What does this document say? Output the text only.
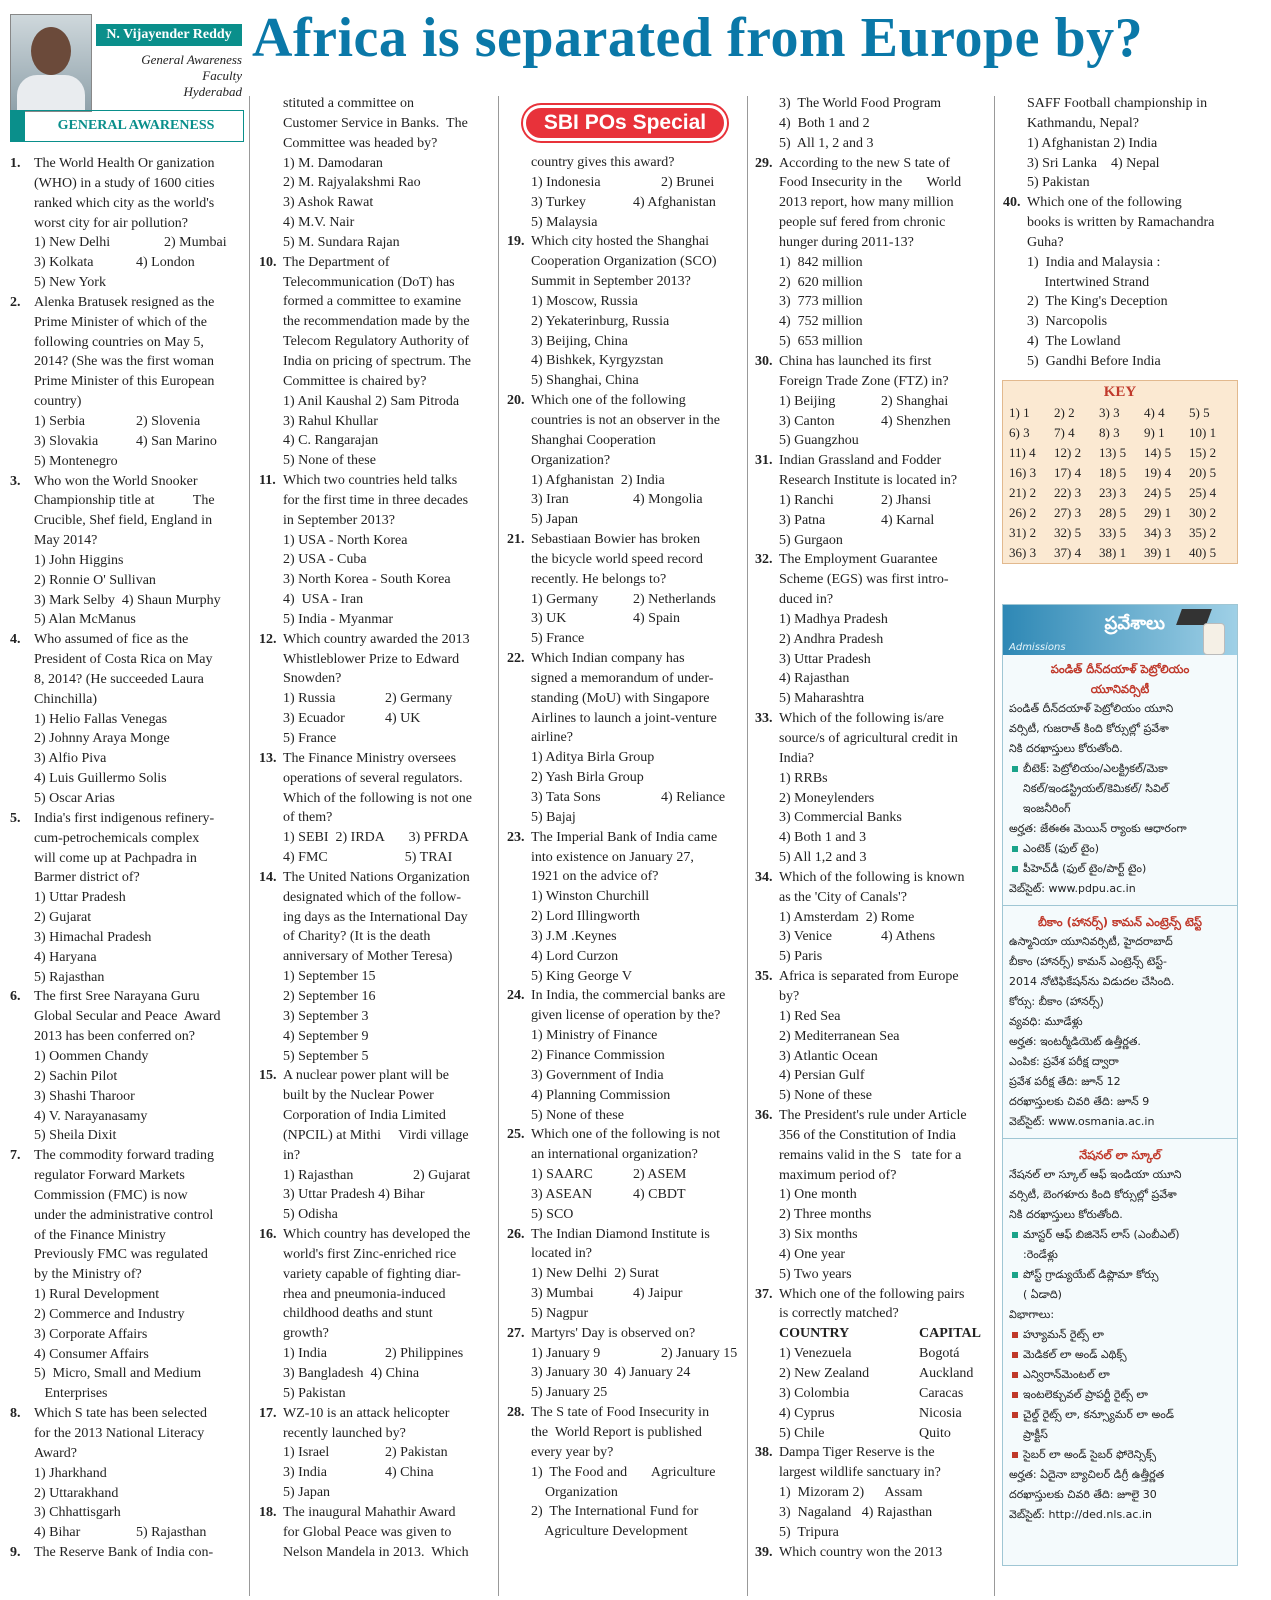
N. Vijayender Reddy
General Awareness
Faculty
Hyderabad
Africa is separated from Europe by?
GENERAL AWARENESS
1. The World Health Or ganization
(WHO) in a study of 1600 cities
ranked which city as the world's
worst city for air pollution?
1) New Delhi	2) Mumbai
3) Kolkata	4) London
5) New York
2. Alenka Bratusek resigned as the
Prime Minister of which of the
following countries on May 5,
2014? (She was the first woman
Prime Minister of this European
country)
1) Serbia	2) Slovenia
3) Slovakia	4) San Marino
5) Montenegro
3. Who won the World Snooker
Championship title at           The
Crucible, Shef field, England in
May 2014?
1) John Higgins
2) Ronnie O' Sullivan
3) Mark Selby  4) Shaun Murphy
5) Alan McManus
4. Who assumed of fice as the
President of Costa Rica on May
8, 2014? (He succeeded Laura
Chinchilla)
1) Helio Fallas Venegas
2) Johnny Araya Monge
3) Alfio Piva
4) Luis Guillermo Solis
5) Oscar Arias
5. India's first indigenous refinery-
cum-petrochemicals complex
will come up at Pachpadra in
Barmer district of?
1) Uttar Pradesh
2) Gujarat
3) Himachal Pradesh
4) Haryana
5) Rajasthan
6. The first Sree Narayana Guru
Global Secular and Peace  Award
2013 has been conferred on?
1) Oommen Chandy
2) Sachin Pilot
3) Shashi Tharoor
4) V. Narayanasamy
5) Sheila Dixit
7. The commodity forward trading
regulator Forward Markets
Commission (FMC) is now
under the administrative control
of the Finance Ministry
Previously FMC was regulated
by the Ministry of?
1) Rural Development
2) Commerce and Industry
3) Corporate Affairs
4) Consumer Affairs
5)  Micro, Small and Medium
Enterprises
8. Which S tate has been selected
for the 2013 National Literacy
Award?
1) Jharkhand
2) Uttarakhand
3) Chhattisgarh
4) Bihar	5) Rajasthan
9. The Reserve Bank of India con-
stituted a committee on
Customer Service in Banks.  The
Committee was headed by?
1) M. Damodaran
2) M. Rajyalakshmi Rao
3) Ashok Rawat
4) M.V. Nair
5) M. Sundara Rajan
10. The Department of
Telecommunication (DoT) has
formed a committee to examine
the recommendation made by the
Telecom Regulatory Authority of
India on pricing of spectrum. The
Committee is chaired by?
1) Anil Kaushal 2) Sam Pitroda
3) Rahul Khullar
4) C. Rangarajan
5) None of these
11. Which two countries held talks
for the first time in three decades
in September 2013?
1) USA - North Korea
2) USA - Cuba
3) North Korea - South Korea
4)  USA - Iran
5) India - Myanmar
12. Which country awarded the 2013
Whistleblower Prize to Edward
Snowden?
1) Russia	2) Germany
3) Ecuador	4) UK
5) France
13. The Finance Ministry oversees
operations of several regulators.
Which of the following is not one
of them?
1) SEBI  2) IRDA       3) PFRDA
4) FMC                      5) TRAI
14. The United Nations Organization
designated which of the follow-
ing days as the International Day
of Charity? (It is the death
anniversary of Mother Teresa)
1) September 15
2) September 16
3) September 3
4) September 9
5) September 5
15. A nuclear power plant will be
built by the Nuclear Power
Corporation of India Limited
(NPCIL) at Mithi     Virdi village
in?
1) Rajasthan	2) Gujarat
3) Uttar Pradesh 4) Bihar
5) Odisha
16. Which country has developed the
world's first Zinc-enriched rice
variety capable of fighting diar-
rhea and pneumonia-induced
childhood deaths and stunt
growth?
1) India	2) Philippines
3) Bangladesh  4) China
5) Pakistan
17. WZ-10 is an attack helicopter
recently launched by?
1) Israel	2) Pakistan
3) India	4) China
5) Japan
18. The inaugural Mahathir Award
for Global Peace was given to
Nelson Mandela in 2013.  Which
SBI POs Special
country gives this award?
1) Indonesia	2) Brunei
3) Turkey	4) Afghanistan
5) Malaysia
19. Which city hosted the Shanghai
Cooperation Organization (SCO)
Summit in September 2013?
1) Moscow, Russia
2) Yekaterinburg, Russia
3) Beijing, China
4) Bishkek, Kyrgyzstan
5) Shanghai, China
20. Which one of the following
countries is not an observer in the
Shanghai Cooperation
Organization?
1) Afghanistan  2) India
3) Iran	4) Mongolia
5) Japan
21. Sebastiaan Bowier has broken
the bicycle world speed record
recently. He belongs to?
1) Germany 2) Netherlands
3) UK	4) Spain
5) France
22. Which Indian company has
signed a memorandum of under-
standing (MoU) with Singapore
Airlines to launch a joint-venture
airline?
1) Aditya Birla Group
2) Yash Birla Group
3) Tata Sons	4) Reliance
5) Bajaj
23. The Imperial Bank of India came
into existence on January 27,
1921 on the advice of?
1) Winston Churchill
2) Lord Illingworth
3) J.M .Keynes
4) Lord Curzon
5) King George V
24. In India, the commercial banks are
given license of operation by the?
1) Ministry of Finance
2) Finance Commission
3) Government of India
4) Planning Commission
5) None of these
25. Which one of the following is not
an international organization?
1) SAARC	2) ASEM
3) ASEAN	4) CBDT
5) SCO
26. The Indian Diamond Institute is
located in?
1) New Delhi  2) Surat
3) Mumbai	4) Jaipur
5) Nagpur
27. Martyrs' Day is observed on?
1) January 9	2) January 15
3) January 30  4) January 24
5) January 25
28. The S tate of Food Insecurity in
the  World Report is published
every year by?
1)  The Food and       Agriculture
Organization
2)  The International Fund for
Agriculture Development
3)  The World Food Program
4)  Both 1 and 2
5)  All 1, 2 and 3
29. According to the new S tate of
Food Insecurity in the       World
2013 report, how many million
people suf fered from chronic
hunger during 2011-13?
1)  842 million
2)  620 million
3)  773 million
4)  752 million
5)  653 million
30. China has launched its first
Foreign Trade Zone (FTZ) in?
1) Beijing	2) Shanghai
3) Canton	4) Shenzhen
5) Guangzhou
31. Indian Grassland and Fodder
Research Institute is located in?
1) Ranchi	2) Jhansi
3) Patna	4) Karnal
5) Gurgaon
32. The Employment Guarantee
Scheme (EGS) was first intro-
duced in?
1) Madhya Pradesh
2) Andhra Pradesh
3) Uttar Pradesh
4) Rajasthan
5) Maharashtra
33. Which of the following is/are
source/s of agricultural credit in
India?
1) RRBs
2) Moneylenders
3) Commercial Banks
4) Both 1 and 3
5) All 1,2 and 3
34. Which of the following is known
as the 'City of Canals'?
1) Amsterdam  2) Rome
3) Venice	4) Athens
5) Paris
35. Africa is separated from Europe
by?
1) Red Sea
2) Mediterranean Sea
3) Atlantic Ocean
4) Persian Gulf
5) None of these
36. The President's rule under Article
356 of the Constitution of India
remains valid in the S   tate for a
maximum period of?
1) One month
2) Three months
3) Six months
4) One year
5) Two years
37. Which one of the following pairs
is correctly matched?
COUNTRY	CAPITAL
1) Venezuela	Bogotá
2) New Zealand	Auckland
3) Colombia	Caracas
4) Cyprus	Nicosia
5) Chile	Quito
38. Dampa Tiger Reserve is the
largest wildlife sanctuary in?
1)  Mizoram 2)      Assam
3)  Nagaland   4) Rajasthan
5)  Tripura
39. Which country won the 2013
SAFF Football championship in
Kathmandu, Nepal?
1) Afghanistan 2) India
3) Sri Lanka    4) Nepal
5) Pakistan
40. Which one of the following
books is written by Ramachandra
Guha?
1)  India and Malaysia :
Intertwined Strand
2)  The King's Deception
3)  Narcopolis
4)  The Lowland
5)  Gandhi Before India
KEY
1) 1	2) 2	3) 3	4) 4	5) 5
6) 3	7) 4	8) 3	9) 1	10) 1
11) 4	12) 2	13) 5	14) 5	15) 2
16) 3	17) 4	18) 5	19) 4	20) 5
21) 2	22) 3	23) 3	24) 5	25) 4
26) 2	27) 3	28) 5	29) 1	30) 2
31) 2	32) 5	33) 5	34) 3	35) 2
36) 3	37) 4	38) 1	39) 1	40) 5
ప్రవేశాలు
Admissions
పండిత్ దీన్‌దయాళ్ పెట్రోలియం
యూనివర్సిటీ
పండిత్ దీన్‌దయాళ్ పెట్రోలియం యూని
వర్సిటీ, గుజరాత్ కింది కోర్సుల్లో ప్రవేశా
నికి దరఖాస్తులు కోరుతోంది.
బీటెక్: పెట్రోలియం/ఎలక్ట్రికల్/మెకా
నికల్/ఇండస్ట్రియల్/కెమికల్/ సివిల్
ఇంజనీరింగ్
అర్హత: జేఈఈ మెయిన్ ర్యాంకు ఆధారంగా
ఎంటెక్ (ఫుల్ టైం)
పీహెచ్‌డీ (ఫుల్ టైం/పార్ట్ టైం)
వెబ్‌సైట్: www.pdpu.ac.in
బీకాం (హానర్స్) కామన్ ఎంట్రెన్స్ టెస్ట్
ఉస్మానియా యూనివర్సిటీ, హైదరాబాద్
బీకాం (హానర్స్) కామన్ ఎంట్రెన్స్ టెస్ట్-
2014 నోటిఫికేషన్‌ను విడుదల చేసింది.
కోర్సు: బీకాం (హానర్స్)
వ్యవధి: మూడేళ్లు
అర్హత: ఇంటర్మీడియెట్ ఉత్తీర్ణత.
ఎంపిక: ప్రవేశ పరీక్ష ద్వారా
ప్రవేశ పరీక్ష తేది: జూన్ 12
దరఖాస్తులకు చివరి తేది: జూన్ 9
వెబ్‌సైట్: www.osmania.ac.in
నేషనల్ లా స్కూల్
నేషనల్ లా స్కూల్ ఆఫ్ ఇండియా యూని
వర్సిటీ, బెంగళూరు కింది కోర్సుల్లో ప్రవేశా
నికి దరఖాస్తులు కోరుతోంది.
మాస్టర్ ఆఫ్ బిజినెస్ లాస్ (ఎంబీఎల్)
:రెండేళ్లు
పోస్ట్ గ్రాడ్యుయేట్ డిప్లొమా కోర్సు
( ఏడాది)
విభాగాలు:
హ్యూమన్ రైట్స్ లా
మెడికల్ లా అండ్ ఎథిక్స్
ఎన్విరాన్‌మెంటల్ లా
ఇంటలెక్చువల్ ప్రాపర్టీ రైట్స్ లా
చైల్డ్ రైట్స్ లా, కన్స్యూమర్ లా అండ్
ప్రాక్టీస్
సైబర్ లా అండ్ సైబర్ ఫోరెన్సిక్స్
అర్హత: ఏదైనా బ్యాచిలర్ డిగ్రీ ఉత్తీర్ణత
దరఖాస్తులకు చివరి తేది: జూలై 30
వెబ్‌సైట్: http://ded.nls.ac.in
